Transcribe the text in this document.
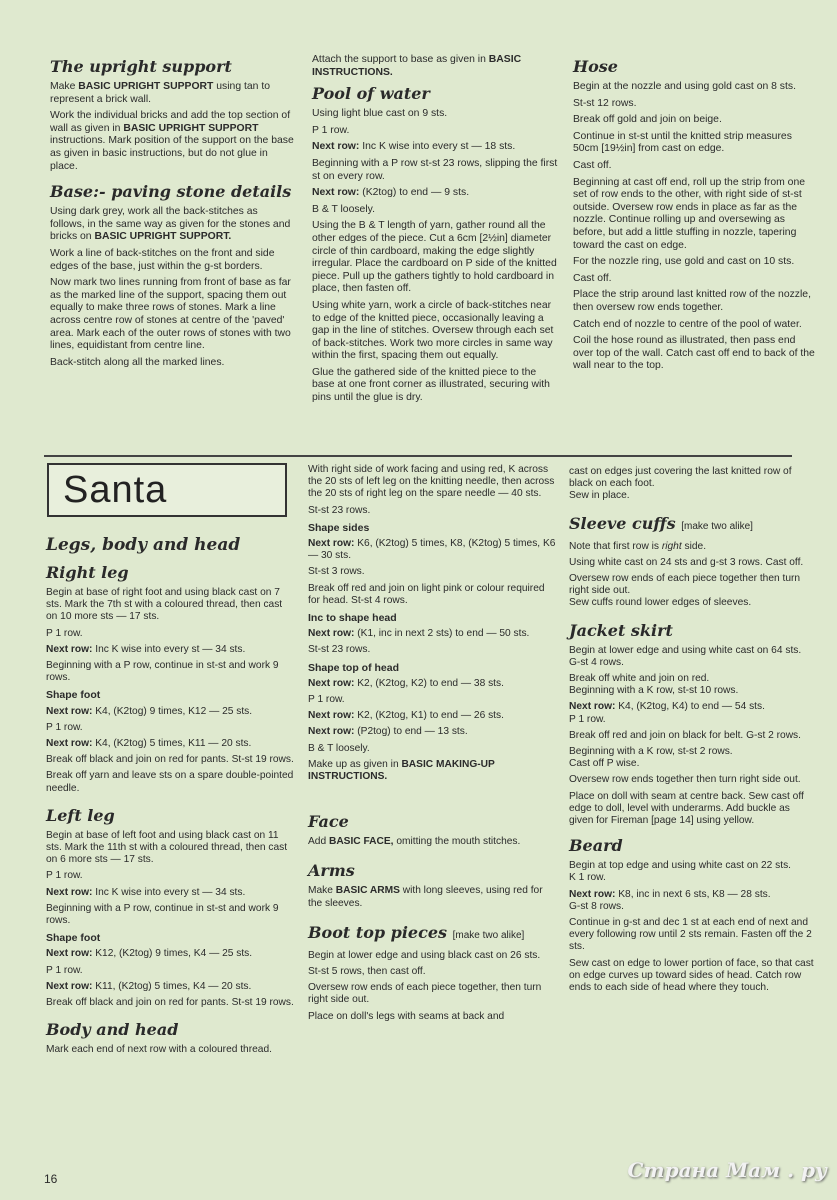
The upright support

Make BASIC UPRIGHT SUPPORT using tan to represent a brick wall.

Work the individual bricks and add the top section of wall as given in BASIC UPRIGHT SUPPORT instructions. Mark position of the support on the base as given in basic instructions, but do not glue in place.

Base:- paving stone details

Using dark grey, work all the back-stitches as follows, in the same way as given for the stones and bricks on BASIC UPRIGHT SUPPORT.

Work a line of back-stitches on the front and side edges of the base, just within the g-st borders.

Now mark two lines running from front of base as far as the marked line of the support, spacing them out equally to make three rows of stones. Mark a line across centre row of stones at centre of the 'paved' area. Mark each of the outer rows of stones with two lines, equidistant from centre line.

Back-stitch along all the marked lines.

Attach the support to base as given in BASIC INSTRUCTIONS.

Pool of water

Using light blue cast on 9 sts.

P 1 row.

Next row: Inc K wise into every st — 18 sts.

Beginning with a P row st-st 23 rows, slipping the first st on every row.

Next row: (K2tog) to end — 9 sts.

B & T loosely.

Using the B & T length of yarn, gather round all the other edges of the piece. Cut a 6cm [2½in] diameter circle of thin cardboard, making the edge slightly irregular. Place the cardboard on P side of the knitted piece. Pull up the gathers tightly to hold cardboard in place, then fasten off.

Using white yarn, work a circle of back-stitches near to edge of the knitted piece, occasionally leaving a gap in the line of stitches. Oversew through each set of back-stitches. Work two more circles in same way within the first, spacing them out equally.

Glue the gathered side of the knitted piece to the base at one front corner as illustrated, securing with pins until the glue is dry.

Hose

Begin at the nozzle and using gold cast on 8 sts.

St-st 12 rows.

Break off gold and join on beige.

Continue in st-st until the knitted strip measures 50cm [19½in] from cast on edge.

Cast off.

Beginning at cast off end, roll up the strip from one set of row ends to the other, with right side of st-st outside. Oversew row ends in place as far as the nozzle. Continue rolling up and oversewing as before, but add a little stuffing in nozzle, tapering toward the cast on edge.

For the nozzle ring, use gold and cast on 10 sts.

Cast off.

Place the strip around last knitted row of the nozzle, then oversew row ends together.

Catch end of nozzle to centre of the pool of water.

Coil the hose round as illustrated, then pass end over top of the wall. Catch cast off end to back of the wall near to the top.

Santa
Legs, body and head
Right leg

Begin at base of right foot and using black cast on 7 sts. Mark the 7th st with a coloured thread, then cast on 10 more sts — 17 sts.

P 1 row.

Next row: Inc K wise into every st — 34 sts.

Beginning with a P row, continue in st-st and work 9 rows.

Shape foot

Next row: K4, (K2tog) 9 times, K12 — 25 sts.

P 1 row.

Next row: K4, (K2tog) 5 times, K11 — 20 sts.

Break off black and join on red for pants. St-st 19 rows.

Break off yarn and leave sts on a spare double-pointed needle.

Left leg

Begin at base of left foot and using black cast on 11 sts. Mark the 11th st with a coloured thread, then cast on 6 more sts — 17 sts.

P 1 row.

Next row: Inc K wise into every st — 34 sts.

Beginning with a P row, continue in st-st and work 9 rows.

Shape foot

Next row: K12, (K2tog) 9 times, K4 — 25 sts.

P 1 row.

Next row: K11, (K2tog) 5 times, K4 — 20 sts.

Break off black and join on red for pants. St-st 19 rows.

Body and head

Mark each end of next row with a coloured thread.

With right side of work facing and using red, K across the 20 sts of left leg on the knitting needle, then across the 20 sts of right leg on the spare needle — 40 sts.

St-st 23 rows.

Shape sides

Next row: K6, (K2tog) 5 times, K8, (K2tog) 5 times, K6 — 30 sts.

St-st 3 rows.

Break off red and join on light pink or colour required for head. St-st 4 rows.

Inc to shape head

Next row: (K1, inc in next 2 sts) to end — 50 sts.

St-st 23 rows.

Shape top of head

Next row: K2, (K2tog, K2) to end — 38 sts.

P 1 row.

Next row: K2, (K2tog, K1) to end — 26 sts.

Next row: (P2tog) to end — 13 sts.

B & T loosely.

Make up as given in BASIC MAKING-UP INSTRUCTIONS.

Face

Add BASIC FACE, omitting the mouth stitches.

Arms

Make BASIC ARMS with long sleeves, using red for the sleeves.

Boot top pieces [make two alike]

Begin at lower edge and using black cast on 26 sts.

St-st 5 rows, then cast off.

Oversew row ends of each piece together, then turn right side out.

Place on doll's legs with seams at back and

cast on edges just covering the last knitted row of black on each foot.

Sew in place.

Sleeve cuffs [make two alike]

Note that first row is right side.

Using white cast on 24 sts and g-st 3 rows. Cast off.

Oversew row ends of each piece together then turn right side out.

Sew cuffs round lower edges of sleeves.

Jacket skirt

Begin at lower edge and using white cast on 64 sts.

G-st 4 rows.

Break off white and join on red.

Beginning with a K row, st-st 10 rows.

Next row: K4, (K2tog, K4) to end — 54 sts.

P 1 row.

Break off red and join on black for belt. G-st 2 rows.

Beginning with a K row, st-st 2 rows.

Cast off P wise.

Oversew row ends together then turn right side out.

Place on doll with seam at centre back. Sew cast off edge to doll, level with underarms. Add buckle as given for Fireman [page 14] using yellow.

Beard

Begin at top edge and using white cast on 22 sts.

K 1 row.

Next row: K8, inc in next 6 sts, K8 — 28 sts.

G-st 8 rows.

Continue in g-st and dec 1 st at each end of next and every following row until 2 sts remain. Fasten off the 2 sts.

Sew cast on edge to lower portion of face, so that cast on edge curves up toward sides of head. Catch row ends to each side of head where they touch.

16	Страна Мам . ру
